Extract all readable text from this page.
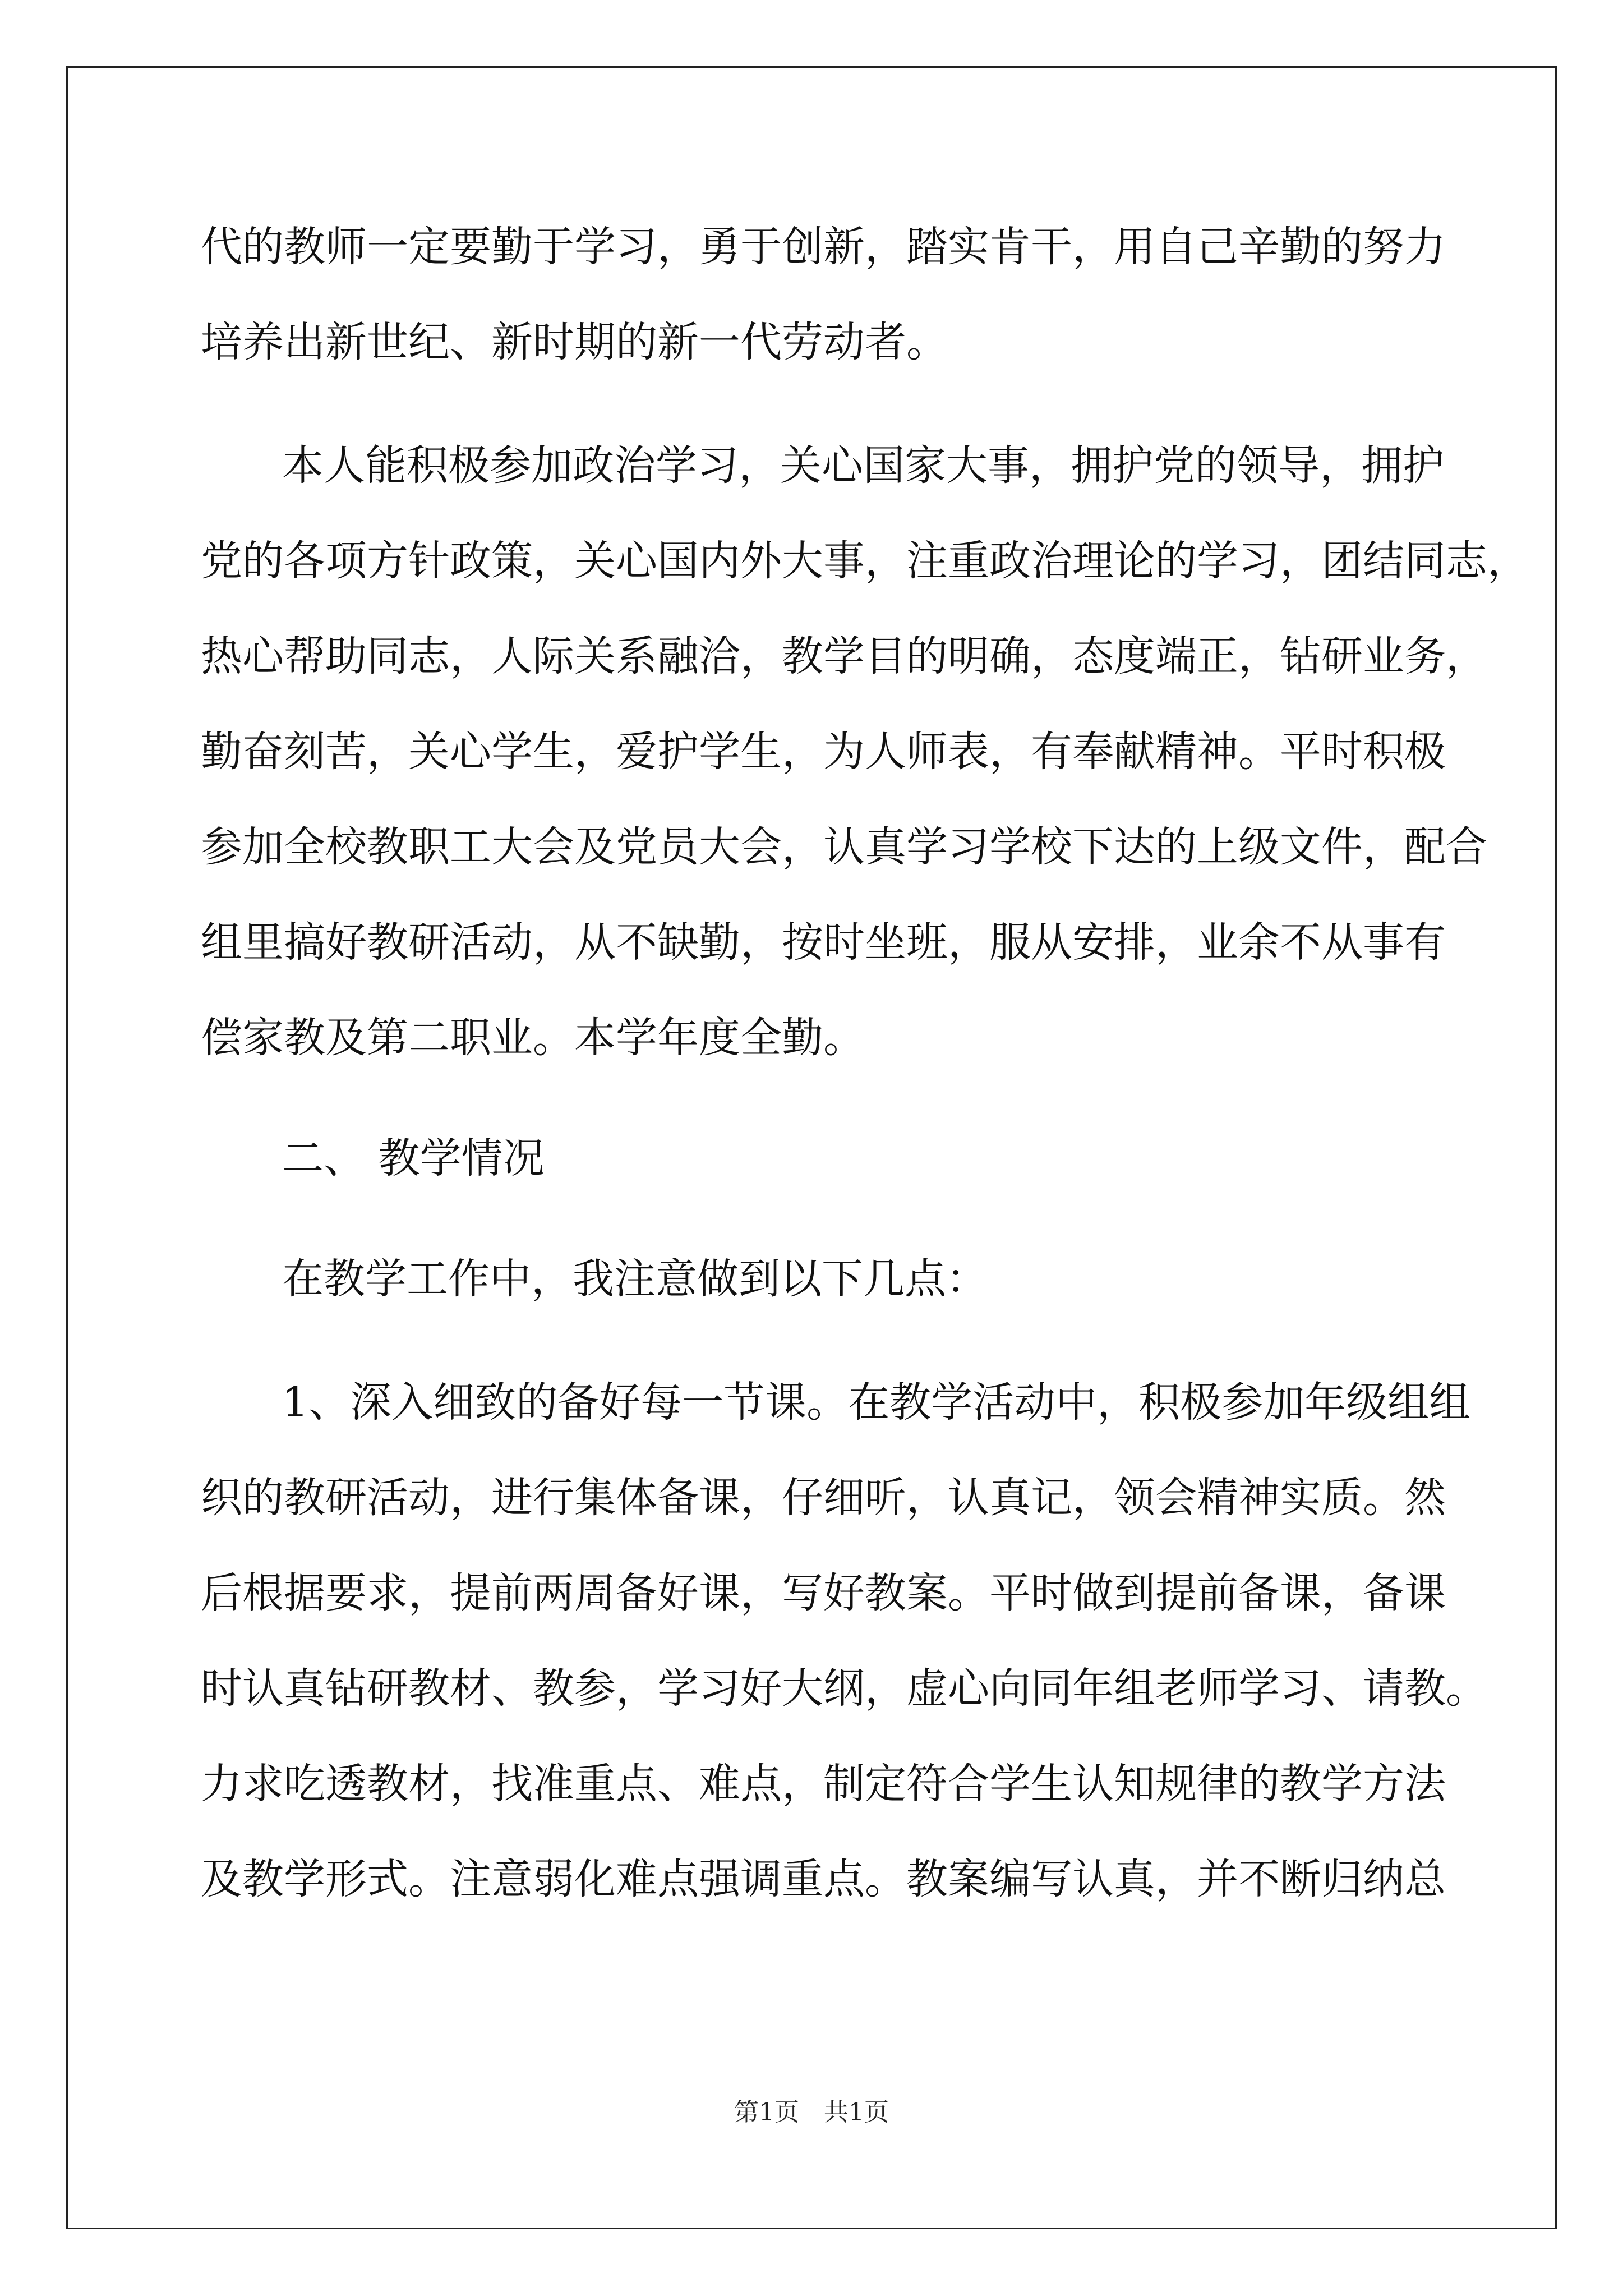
代的教师一定要勤于学习，勇于创新，踏实肯干，用自己辛勤的努力
培养出新世纪、新时期的新一代劳动者。
本人能积极参加政治学习，关心国家大事，拥护党的领导，拥护
党的各项方针政策，关心国内外大事，注重政治理论的学习，团结同志，
热心帮助同志，人际关系融洽，教学目的明确，态度端正，钻研业务，
勤奋刻苦，关心学生，爱护学生，为人师表，有奉献精神。平时积极
参加全校教职工大会及党员大会，认真学习学校下达的上级文件，配合
组里搞好教研活动，从不缺勤，按时坐班，服从安排，业余不从事有
偿家教及第二职业。本学年度全勤。
二、 教学情况
在教学工作中，我注意做到以下几点：
1、深入细致的备好每一节课。在教学活动中，积极参加年级组组
织的教研活动，进行集体备课，仔细听，认真记，领会精神实质。然
后根据要求，提前两周备好课，写好教案。平时做到提前备课，备课
时认真钻研教材、教参，学习好大纲，虚心向同年组老师学习、请教。
力求吃透教材，找准重点、难点，制定符合学生认知规律的教学方法
及教学形式。注意弱化难点强调重点。教案编写认真，并不断归纳总
第1页　共1页
